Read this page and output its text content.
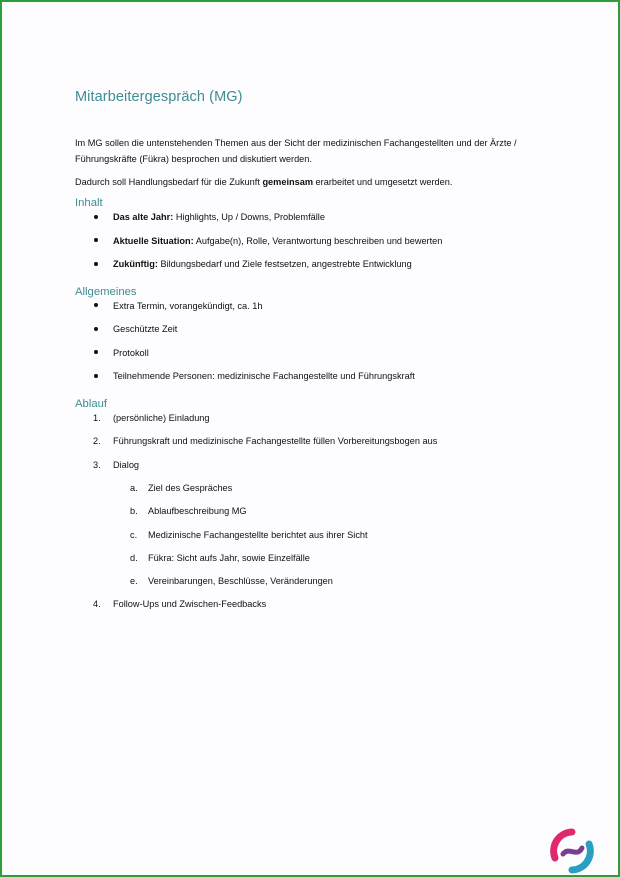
Mitarbeitergespräch (MG)

Im MG sollen die untenstehenden Themen aus der Sicht der medizinischen Fachangestellten und der Ärzte / Führungskräfte (Fükra) besprochen und diskutiert werden.

Dadurch soll Handlungsbedarf für die Zukunft gemeinsam erarbeitet und umgesetzt werden.

Inhalt
Das alte Jahr: Highlights, Up / Downs, Problemfälle
Aktuelle Situation: Aufgabe(n), Rolle, Verantwortung beschreiben und bewerten
Zukünftig: Bildungsbedarf und Ziele festsetzen, angestrebte Entwicklung
Allgemeines
Extra Termin, vorangekündigt, ca. 1h
Geschützte Zeit
Protokoll
Teilnehmende Personen: medizinische Fachangestellte und Führungskraft
Ablauf
1. (persönliche) Einladung
2. Führungskraft und medizinische Fachangestellte füllen Vorbereitungsbogen aus
3. Dialog
a. Ziel des Gespräches
b. Ablaufbeschreibung MG
c. Medizinische Fachangestellte berichtet aus ihrer Sicht
d. Fükra: Sicht aufs Jahr, sowie Einzelfälle
e. Vereinbarungen, Beschlüsse, Veränderungen
4. Follow-Ups und Zwischen-Feedbacks
